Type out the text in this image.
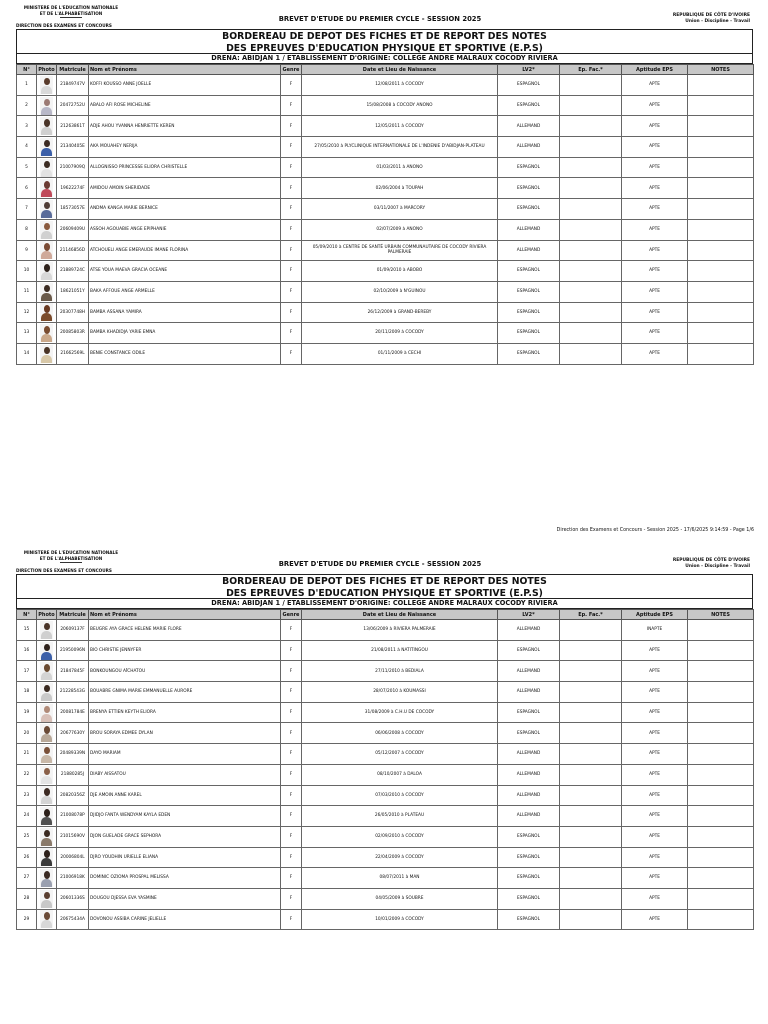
MINISTERE DE L'EDUCATION NATIONALE
ET DE L'ALPHABETISATION
DIRECTION DES EXAMENS ET CONCOURS
BREVET D'ETUDE DU PREMIER CYCLE - SESSION 2025	REPUBLIQUE DE CÔTE D'IVOIRE
Union - Discipline - Travail
BORDEREAU DE DEPOT DES FICHES ET DE REPORT DES NOTES
DES EPREUVES D'EDUCATION PHYSIQUE ET SPORTIVE (E.P.S)
DRENA: ABIDJAN 1 / ETABLISSEMENT D'ORIGINE: COLLEGE ANDRE MALRAUX COCODY RIVIERA
N°	Photo	Matricule	Nom et Prénoms	Genre	Date et Lieu de Naissance	LV2*	Ep. Fac.*	Aptitude EPS	NOTES
1		21849747V	KOFFI KOUSSO ANNE JOELLE	F	12/08/2011 à COCODY	ESPAGNOL		APTE	
2		20472752U	ABALO AFI ROSE MICHELINE	F	15/08/2008 à COCODY ANONO	ESPAGNOL		APTE	
3		21263861T	ADJE AHOU YVANNA HENRIETTE KEREN	F	12/05/2011 à COCODY	ALLEMAND		APTE	
4		21340405E	AKA MOUAHEY NERIJA	F	27/05/2010 à PLYCLINIQUE INTERNATIONALE DE L'INDENIE D'ABIDJAN-PLATEAU	ALLEMAND		APTE	
5		21007909Q	ALLOGNISSO PRINCESSE ELIORA CHRISTELLE	F	01/03/2011 à ANONO	ESPAGNOL		APTE	
6		19622274F	AMIDOU AMOIN SHERIDADE	F	02/06/2004 à TOUPAH	ESPAGNOL		APTE	
7		18573057E	ANDMA KANGA MARIE BERNICE	F	03/11/2007 à MARCORY	ESPAGNOL		APTE	
8		20609409U	ASSOH AGOUABIE ANGE EPIPHANIE	F	02/07/2009 à ANONO	ALLEMAND		APTE	
9		21146856D	ATCHOUELI ANGE EMERAUDE IMANE FLORINA	F	05/09/2010 à CENTRE DE SANTÉ URBAIN COMMUNAUTAIRE DE COCODY RIVIERA PALMERAIE	ALLEMAND		APTE	
10		21889724C	ATSE YOUA MAEVA GRACIA OCEANE	F	01/09/2010 à ABOBO	ESPAGNOL		APTE	
11		18621051Y	BAKA AFFOUE ANGE ARMELLE	F	02/10/2009 à N'GUINOU	ESPAGNOL		APTE	
12		20307748H	BAMBA ASSANA YAMIRA	F	26/12/2009 à GRAND-BEREBY	ESPAGNOL		APTE	
13		20085803R	BAMBA KHADIDJA YARIE EMNA	F	20/11/2009 à COCODY	ESPAGNOL		APTE	
14		21662569L	BENIE CONSTANCE ODILE	F	01/11/2009 à CECHI	ESPAGNOL		APTE	
Direction des Examens et Concours - Session 2025 - 17/6/2025 9:14:59 - Page 1/6
MINISTERE DE L'EDUCATION NATIONALE
ET DE L'ALPHABETISATION
DIRECTION DES EXAMENS ET CONCOURS
BREVET D'ETUDE DU PREMIER CYCLE - SESSION 2025	REPUBLIQUE DE CÔTE D'IVOIRE
Union - Discipline - Travail
BORDEREAU DE DEPOT DES FICHES ET DE REPORT DES NOTES
DES EPREUVES D'EDUCATION PHYSIQUE ET SPORTIVE (E.P.S)
DRENA: ABIDJAN 1 / ETABLISSEMENT D'ORIGINE: COLLEGE ANDRE MALRAUX COCODY RIVIERA
N°	Photo	Matricule	Nom et Prénoms	Genre	Date et Lieu de Naissance	LV2*	Ep. Fac.*	Aptitude EPS	NOTES
15		20609137F	BEUGRE AYA GRACE HELENE MARIE FLORE	F	13/06/2009 à RIVIERA PALMERAIE	ALLEMAND		INAPTE	
16		21950096N	BIO CHRISTIE JENNYFER	F	21/08/2011 à NATITINGOU	ESPAGNOL		APTE	
17		21847845F	BONKOUNGOU AÏCHATOU	F	27/11/2010 à BEDIALA	ALLEMAND		APTE	
18		21228543G	BOUABRE GNIMA MARIE EMMANUELLE AURORE	F	28/07/2010 à KOUMASSI	ALLEMAND		APTE	
19		20081784E	BRENYA ETTIEN KEYTH ELIORA	F	31/08/2009 à C.H.U DE COCODY	ESPAGNOL		APTE	
20		20677630Y	BROU SORAYA EDMEE DYLAN	F	06/06/2008 à COCODY	ESPAGNOL		APTE	
21		20489339N	DAYO MARIAM	F	05/12/2007 à COCODY	ALLEMAND		APTE	
22		21880285J	DIABY AISSATOU	F	08/10/2007 à DALOA	ALLEMAND		APTE	
23		20820356Z	DJE AMOIN ANNE KAREL	F	07/03/2010 à COCODY	ALLEMAND		APTE	
24		21008078P	DJIDJO FANTA WENDYAM KAYLA EDEN	F	26/05/2010 à PLATEAU	ALLEMAND		APTE	
25		21015690V	DJON GUELADE GRACE SEPHORA	F	02/09/2010 à COCODY	ESPAGNOL		APTE	
26		20006804L	DJRO YOUDHIN URIELLE ELIANA	F	22/04/2009 à COCODY	ESPAGNOL		APTE	
27		21006918K	DOMINIC OZIOMA PROSPAL MELISSA	F	08/07/2011 à MAN	ESPAGNOL		APTE	
28		20601336S	DOUGOU DJESSA EVA YASMINE	F	04/05/2009 à SOUBRE	ESPAGNOL		APTE	
29		20675434A	DOVONOU ASSIBA CARINE JELIELLE	F	10/01/2009 à COCODY	ESPAGNOL		APTE	
